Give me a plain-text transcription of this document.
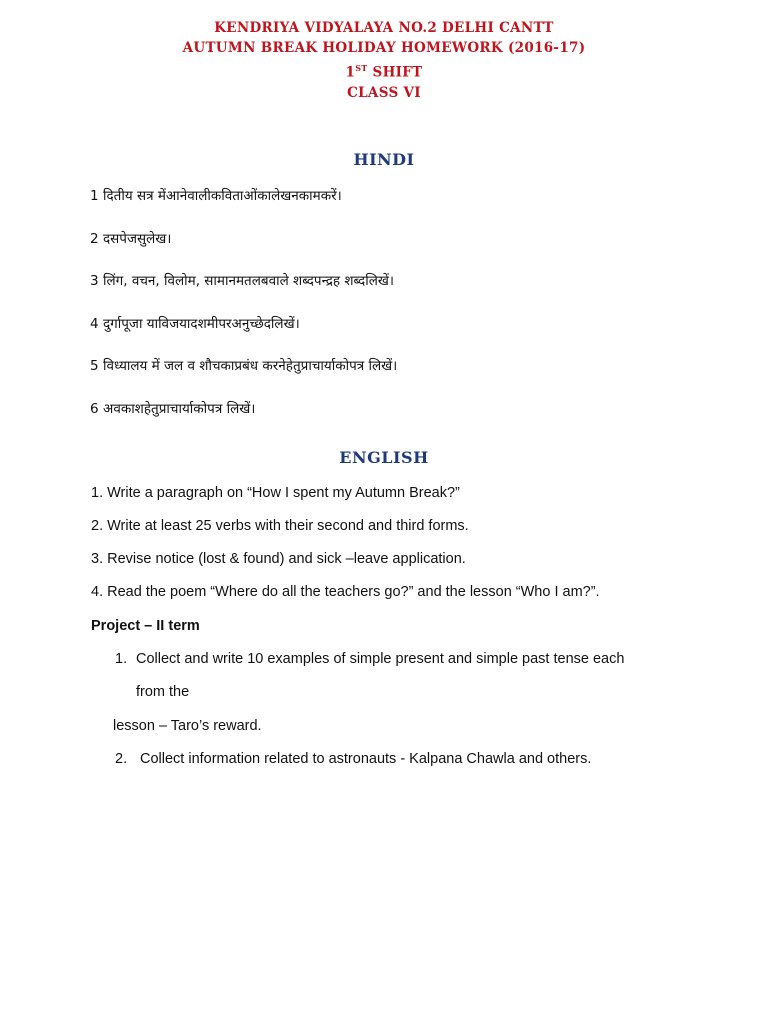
KENDRIYA VIDYALAYA NO.2 DELHI CANTT
AUTUMN BREAK HOLIDAY HOMEWORK (2016-17)
1ST SHIFT
CLASS VI
HINDI
1 दितीय सत्र मेंआनेवालीकविताओंकालेखनकामकरें।
2 दसपेजसुलेख।
3 लिंग, वचन, विलोम, सामानमतलबवाले शब्दपन्द्रह शब्दलिखें।
4 दुर्गापूजा याविजयादशमीपरअनुच्छेदलिखें।
5 विध्यालय में जल व शौचकाप्रबंध करनेहेतुप्राचार्याकोपत्र लिखें।
6 अवकाशहेतुप्राचार्याकोपत्र लिखें।
ENGLISH
1. Write a paragraph on “How I spent my Autumn Break?”
2. Write at least 25 verbs with their second and third forms.
3. Revise notice (lost & found) and sick –leave application.
4. Read the poem “Where do all the teachers go?” and the lesson “Who I am?”.
Project – II term
1. Collect and write 10 examples of simple present and simple past tense each
from the
lesson – Taro’s reward.
2. Collect information related to astronauts - Kalpana Chawla and others.
